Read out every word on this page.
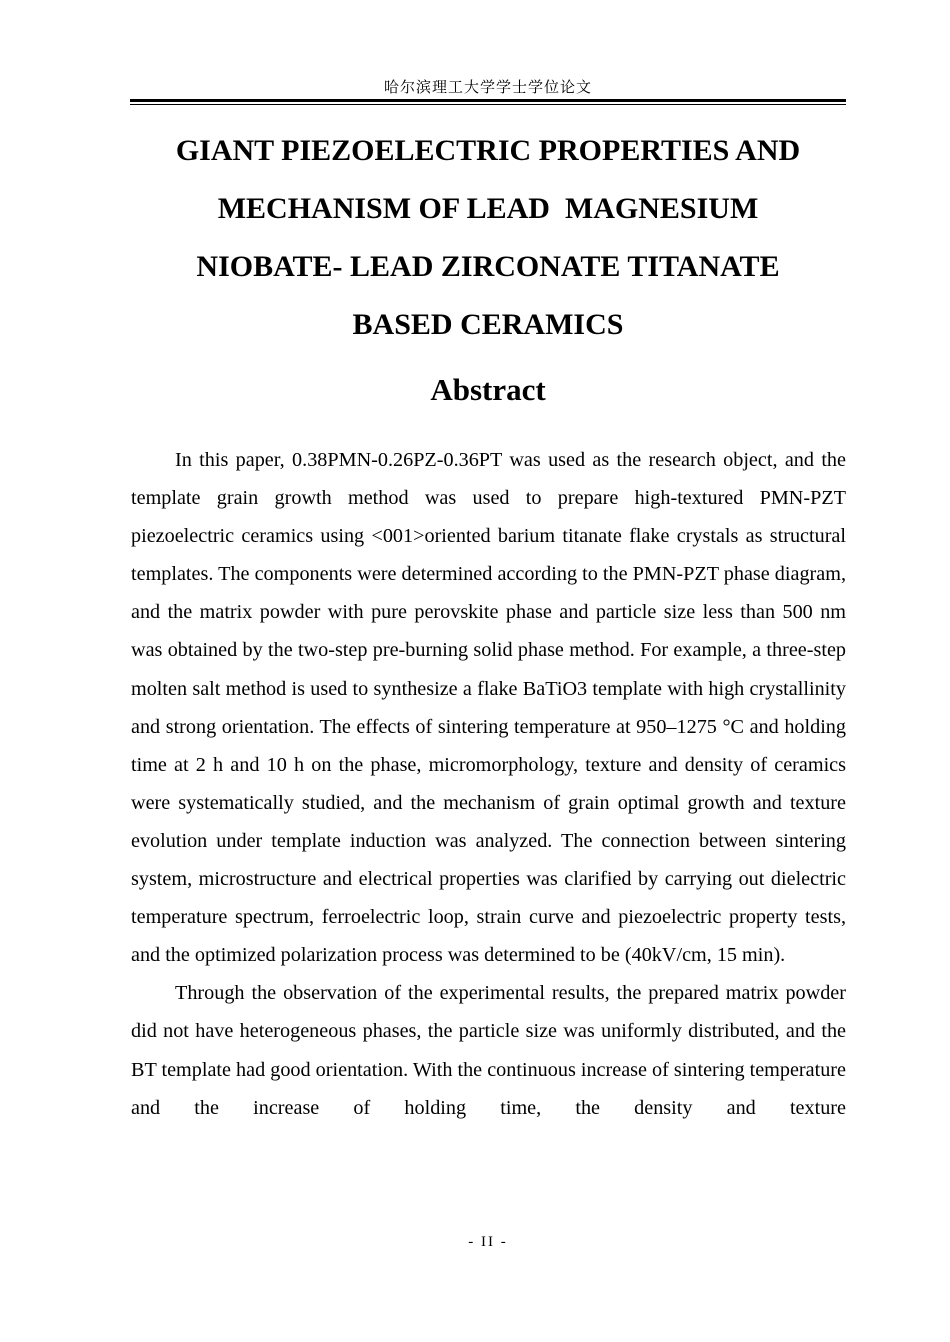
哈尔滨理工大学学士学位论文

GIANT PIEZOELECTRIC PROPERTIES AND

MECHANISM OF LEAD  MAGNESIUM

NIOBATE- LEAD ZIRCONATE TITANATE

BASED CERAMICS

Abstract

In this paper, 0.38PMN-0.26PZ-0.36PT was used as the research object, and the template grain growth method was used to prepare high-textured PMN-PZT piezoelectric ceramics using <001>oriented barium titanate flake crystals as structural templates. The components were determined according to the PMN-PZT phase diagram, and the matrix powder with pure perovskite phase and particle size less than 500 nm was obtained by the two-step pre-burning solid phase method. For example, a three-step molten salt method is used to synthesize a flake BaTiO3 template with high crystallinity and strong orientation. The effects of sintering temperature at 950–1275 °C and holding time at 2 h and 10 h on the phase, micromorphology, texture and density of ceramics were systematically studied, and the mechanism of grain optimal growth and texture evolution under template induction was analyzed. The connection between sintering system, microstructure and electrical properties was clarified by carrying out dielectric temperature spectrum, ferroelectric loop, strain curve and piezoelectric property tests, and the optimized polarization process was determined to be (40kV/cm, 15 min).

Through the observation of the experimental results, the prepared matrix powder did not have heterogeneous phases, the particle size was uniformly distributed, and the BT template had good orientation. With the continuous increase of sintering temperature and the increase of holding time, the density and texture

- II -
